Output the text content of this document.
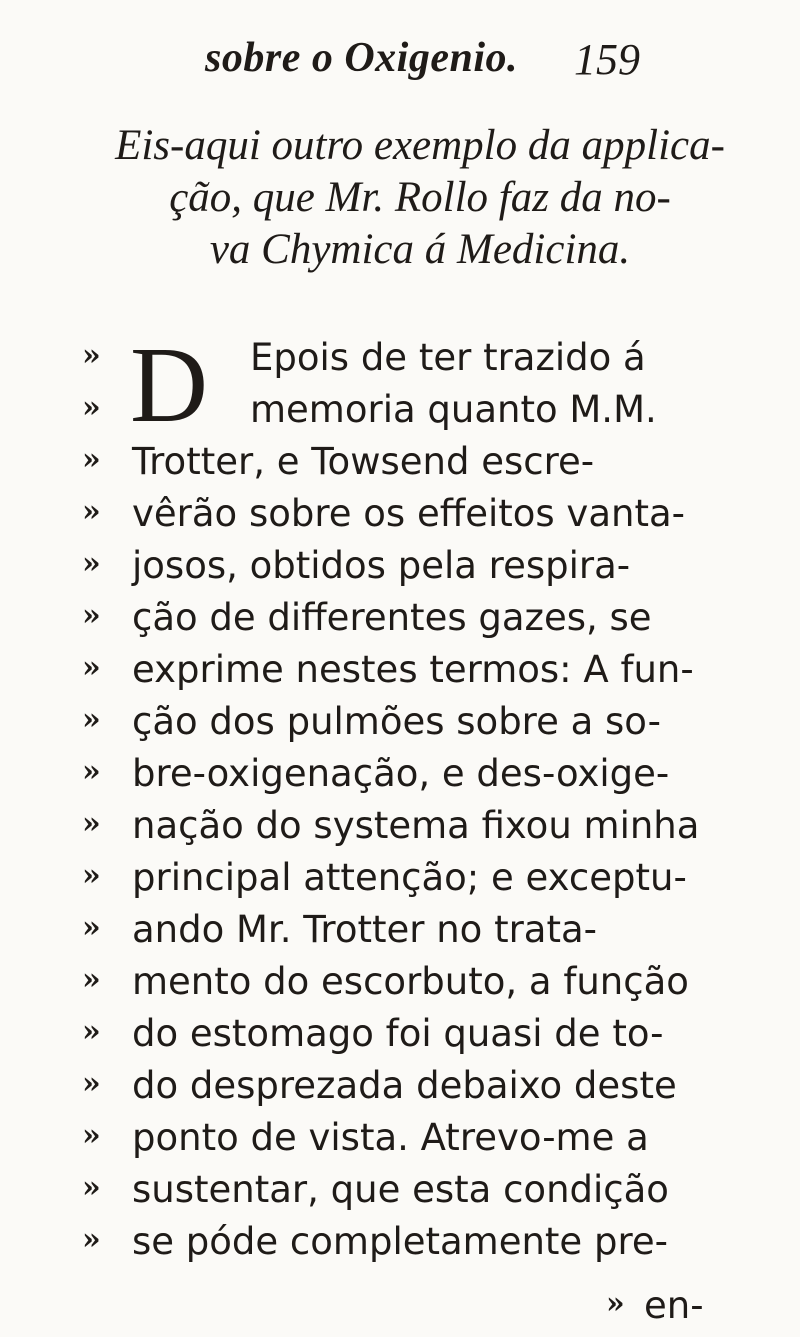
sobre o Oxigenio. 159
Eis-aqui outro exemplo da applica-
ção, que Mr. Rollo faz da no-
va Chymica á Medicina.
D
»	Epois de ter trazido á
»	memoria quanto M.M.
» Trotter, e Towsend escre-
» vêrão sobre os effeitos vanta-
» josos, obtidos pela respira-
» ção de differentes gazes, se
» exprime nestes termos: A fun-
» ção dos pulmões sobre a so-
» bre-oxigenação, e des-oxige-
» nação do systema fixou minha
» principal attenção; e exceptu-
» ando Mr. Trotter no trata-
» mento do escorbuto, a função
» do estomago foi quasi de to-
» do desprezada debaixo deste
» ponto de vista. Atrevo-me a
» sustentar, que esta condição
» se póde completamente pre-
» en-
